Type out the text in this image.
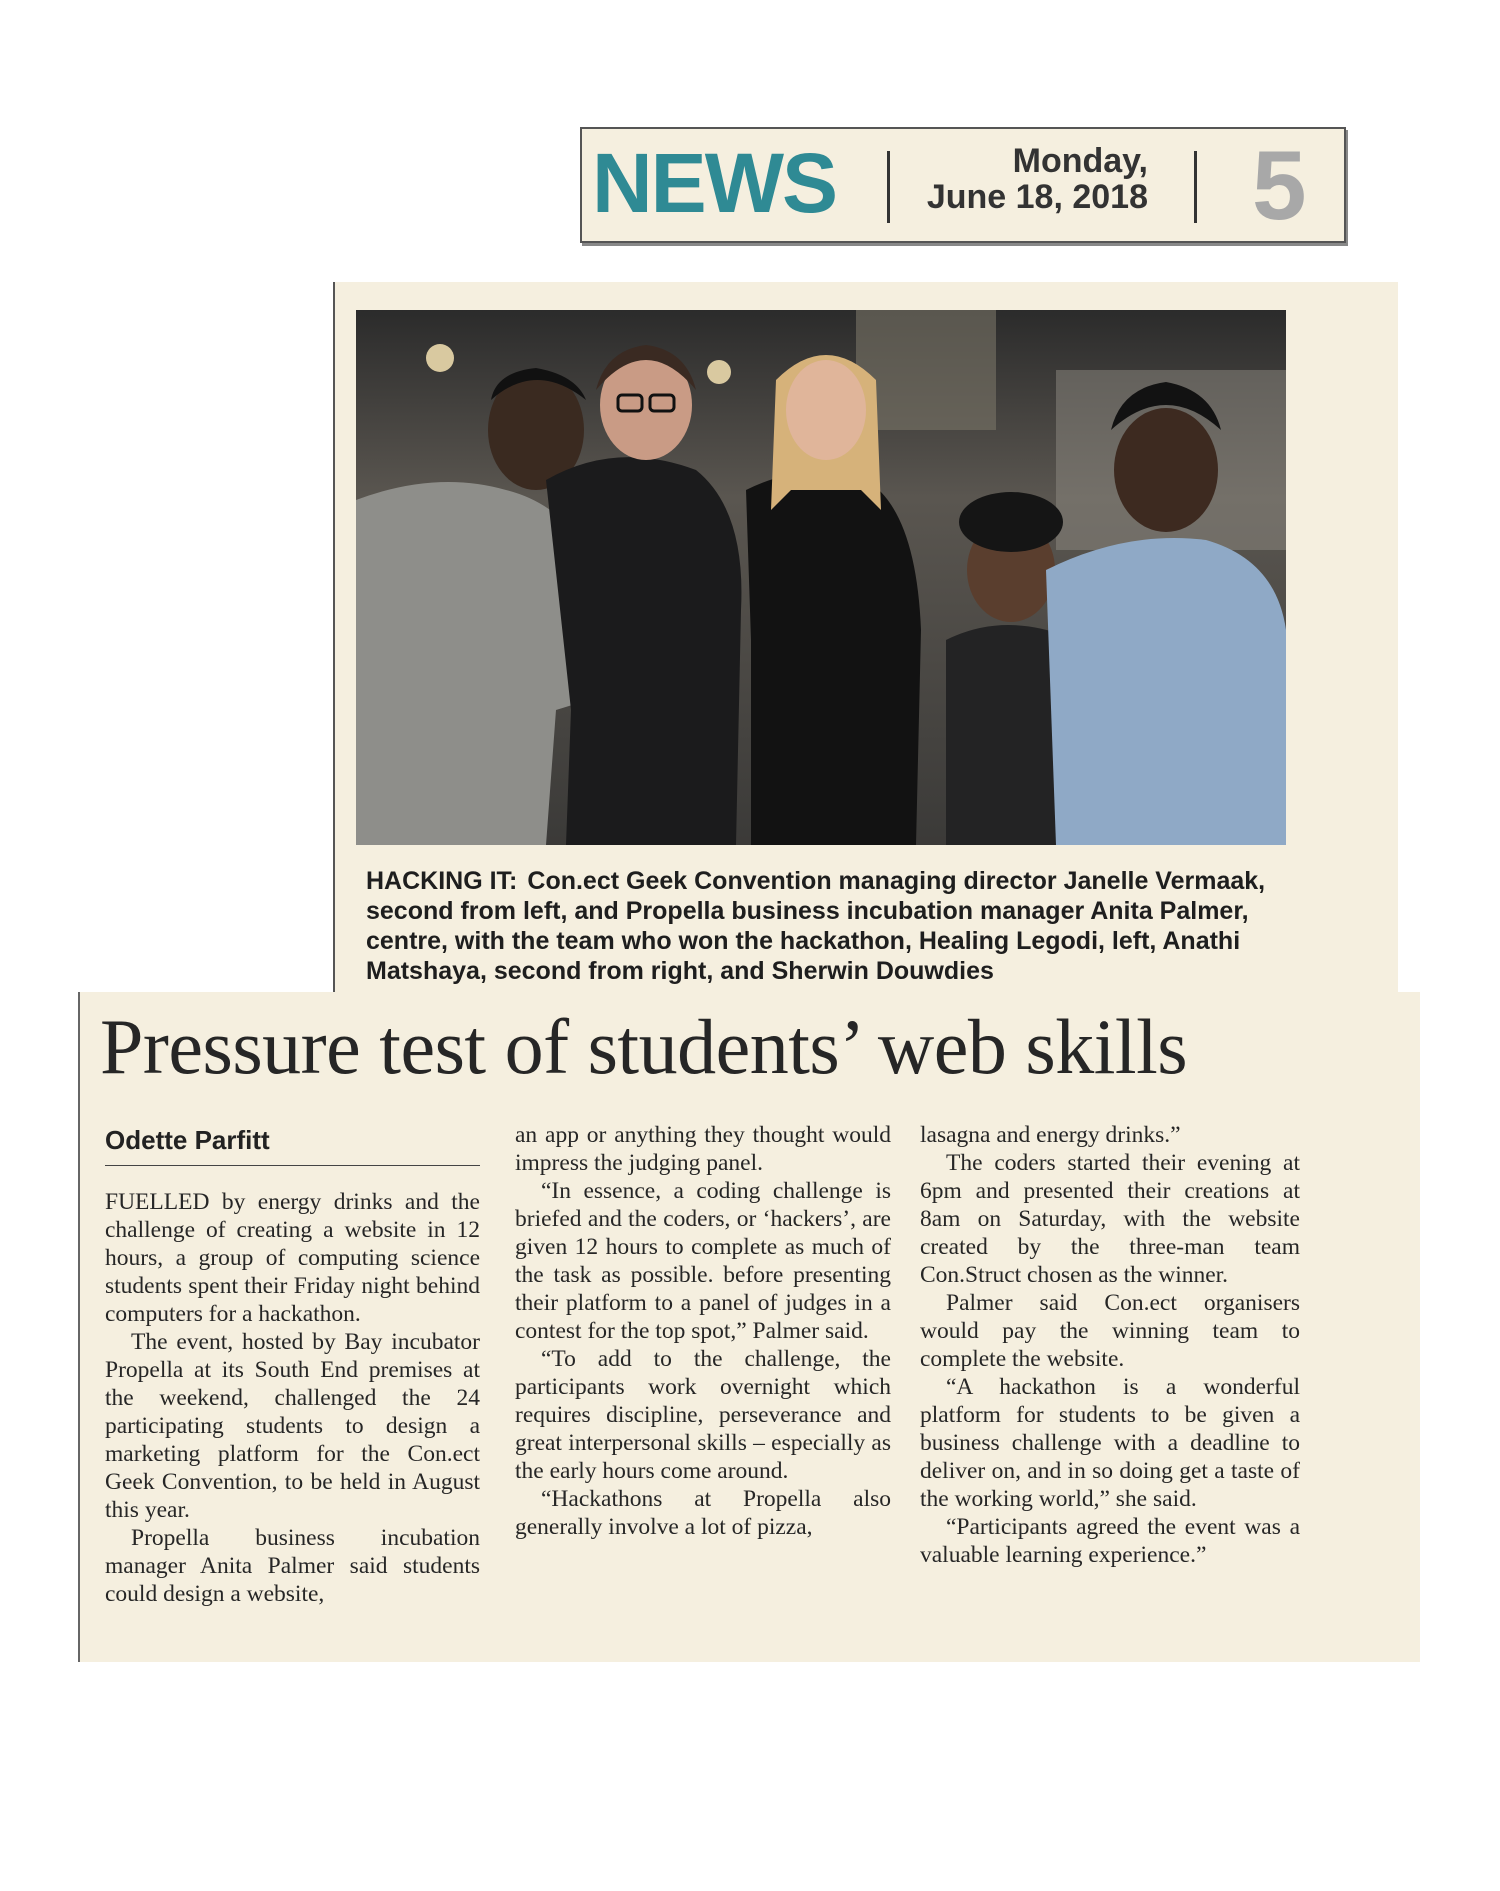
NEWS	Monday,
June 18, 2018 5
HACKING IT: Con.ect Geek Convention managing director Janelle Vermaak, second from left, and Propella business incubation manager Anita Palmer, centre, with the team who won the hackathon, Healing Legodi, left, Anathi Matshaya, second from right, and Sherwin Douwdies
Pressure test of students’ web skills
Odette Parfitt

FUELLED by energy drinks and the challenge of creating a website in 12 hours, a group of computing science students spent their Friday night behind computers for a hackathon.

The event, hosted by Bay incubator Propella at its South End premises at the weekend, challenged the 24 participating students to design a marketing platform for the Con.ect Geek Convention, to be held in August this year.

Propella business incubation manager Anita Palmer said students could design a website,

an app or anything they thought would impress the judging panel.

“In essence, a coding challenge is briefed and the coders, or ‘hackers’, are given 12 hours to complete as much of the task as possible. before presenting their platform to a panel of judges in a contest for the top spot,” Palmer said.

“To add to the challenge, the participants work overnight which requires discipline, perseverance and great interpersonal skills – especially as the early hours come around.

“Hackathons at Propella also generally involve a lot of pizza,

lasagna and energy drinks.”

The coders started their evening at 6pm and presented their creations at 8am on Saturday, with the website created by the three-man team Con.Struct chosen as the winner.

Palmer said Con.ect organisers would pay the winning team to complete the website.

“A hackathon is a wonderful platform for students to be given a business challenge with a deadline to deliver on, and in so doing get a taste of the working world,” she said.

“Participants agreed the event was a valuable learning experience.”
